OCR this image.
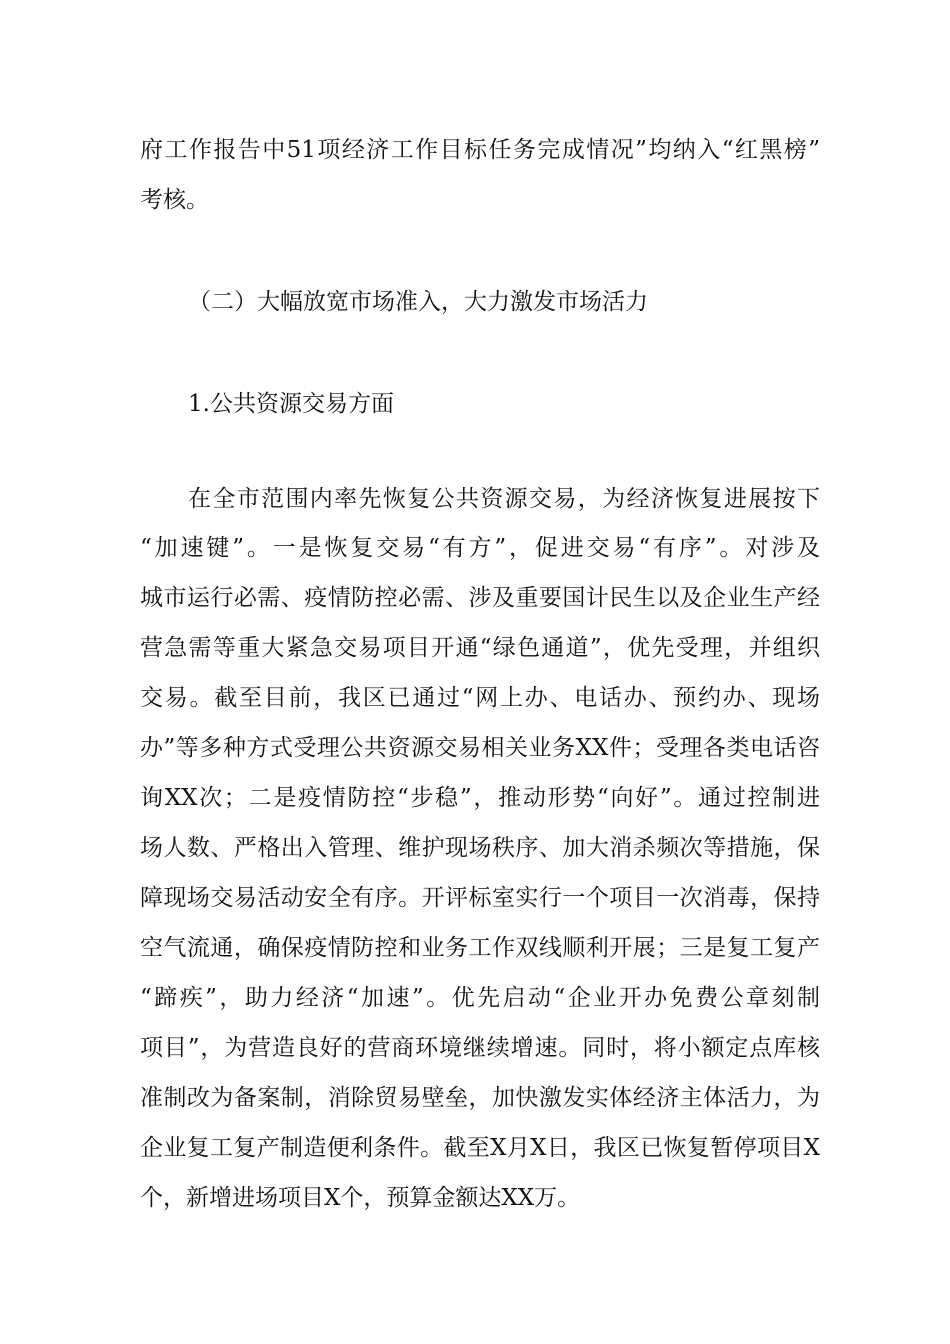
府工作报告中51项经济工作目标任务完成情况”均纳入“红黑榜”
考核。
（二）大幅放宽市场准入，大力激发市场活力
1.公共资源交易方面
在全市范围内率先恢复公共资源交易，为经济恢复进展按下
“加速键”。一是恢复交易“有方”，促进交易“有序”。对涉及
城市运行必需、疫情防控必需、涉及重要国计民生以及企业生产经
营急需等重大紧急交易项目开通“绿色通道”，优先受理，并组织
交易。截至目前，我区已通过“网上办、电话办、预约办、现场
办”等多种方式受理公共资源交易相关业务XX件；受理各类电话咨
询XX次；二是疫情防控“步稳”，推动形势“向好”。通过控制进
场人数、严格出入管理、维护现场秩序、加大消杀频次等措施，保
障现场交易活动安全有序。开评标室实行一个项目一次消毒，保持
空气流通，确保疫情防控和业务工作双线顺利开展；三是复工复产
“蹄疾”，助力经济“加速”。优先启动“企业开办免费公章刻制
项目”，为营造良好的营商环境继续增速。同时，将小额定点库核
准制改为备案制，消除贸易壁垒，加快激发实体经济主体活力，为
企业复工复产制造便利条件。截至X月X日，我区已恢复暂停项目X
个，新增进场项目X个，预算金额达XX万。
